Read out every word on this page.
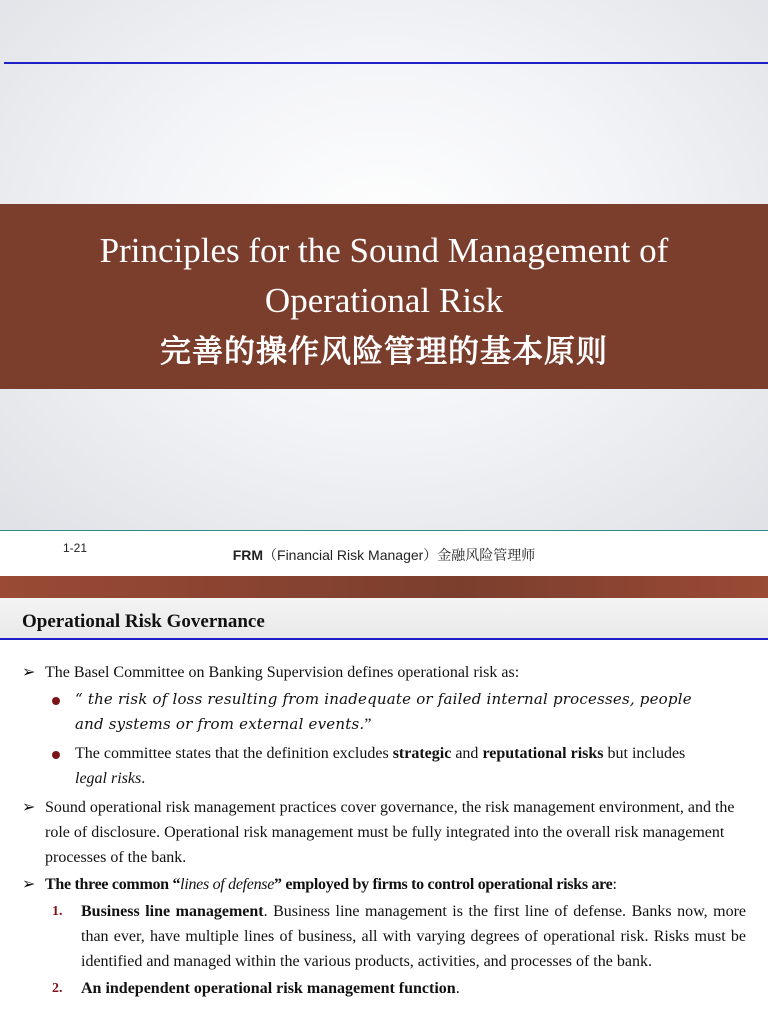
Principles for the Sound Management of
Operational Risk
完善的操作风险管理的基本原则
1-21	FRM（Financial Risk Manager）金融风险管理师
Operational Risk Governance
➢ The Basel Committee on Banking Supervision defines operational risk as:
“ the risk of loss resulting from inadequate or failed internal processes, people and systems or from external events.”
The committee states that the definition excludes strategic and reputational risks but includes legal risks.
➢ Sound operational risk management practices cover governance, the risk management environment, and the role of disclosure. Operational risk management must be fully integrated into the overall risk management processes of the bank.
➢ The three common “lines of defense” employed by firms to control operational risks are:
1. Business line management. Business line management is the first line of defense. Banks now, more than ever, have multiple lines of business, all with varying degrees of operational risk. Risks must be identified and managed within the various products, activities, and processes of the bank.
2. An independent operational risk management function.
